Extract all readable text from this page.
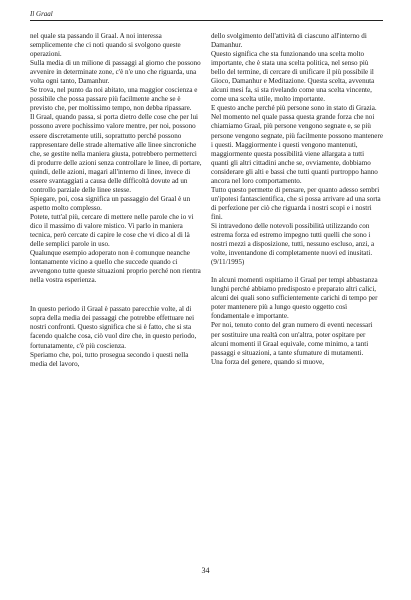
Il Graal

nel quale sta passando il Graal. A noi interessa semplicemente che ci noti quando si svolgono queste operazioni.

Sulla media di un milione di passaggi al giorno che possono avvenire in determinate zone, c'è n'e uno che riguarda, una volta ogni tanto, Damanhur.

Se trova, nel punto da noi abitato, una maggior coscienza e possibile che possa passare più facilmente anche se è previsto che, per moltissimo tempo, non debba ripassare.

Il Graal, quando passa, si porta dietro delle cose che per lui possono avere pochissimo valore mentre, per noi, possono essere discretamente utili, soprattutto perché possono rappresentare delle strade alternative alle linee sincroniche che, se gestite nella maniera giusta, potrebbero permetterci di produrre delle azioni senza controllare le linee, di portare, quindi, delle azioni, magari all'interno di linee, invece di essere svantaggiati a causa delle difficoltà dovute ad un controllo parziale delle linee stesse.

Spiegare, poi, cosa significa un passaggio del Graal è un aspetto molto complesso.

Potete, tutt'al più, cercare di mettere nelle parole che io vi dico il massimo di valore mistico. Vi parlo in maniera tecnica, però cercate di capire le cose che vi dico al di là delle semplici parole in uso.

Qualunque esempio adoperato non è comunque neanche lontanamente vicino a quello che succede quando ci avvengono tutte queste situazioni proprio perché non rientra nella vostra esperienza.

In questo periodo il Graal è passato parecchie volte, al di sopra della media dei passaggi che potrebbe effettuare nei nostri confronti. Questo significa che si è fatto, che si sta facendo qualche cosa, ciò vuol dire che, in questo periodo, fortunatamente, c'è più coscienza.

Speriamo che, poi, tutto prosegua secondo i questi nella media del lavoro,

dello svolgimento dell'attività di ciascuno all'interno di Damanhur.

Questo significa che sta funzionando una scelta molto importante, che è stata una scelta politica, nel senso più bello del termine, di cercare di unificare il più possibile il Gioco, Damanhur e Meditazione. Questa scelta, avvenuta alcuni mesi fa, si sta rivelando come una scelta vincente, come una scelta utile, molto importante.

E questo anche perché più persone sono in stato di Grazia. Nel momento nel quale passa questa grande forza che noi chiamiamo Graal, più persone vengono segnate e, se più persone vengono segnate, più facilmente possono mantenere i questi. Maggiormente i questi vengono mantenuti, maggiormente questa possibilità viene allargata a tutti quanti gli altri cittadini anche se, ovviamente, dobbiamo considerare gli alti e bassi che tutti quanti purtroppo hanno ancora nel loro comportamento.

Tutto questo permette di pensare, per quanto adesso sembri un'ipotesi fantascientifica, che si possa arrivare ad una sorta di perfezione per ciò che riguarda i nostri scopi e i nostri fini.

Si intravedono delle notevoli possibilità utilizzando con estrema forza ed estremo impegno tutti quelli che sono i nostri mezzi a disposizione, tutti, nessuno escluso, anzi, a volte, inventandone di completamente nuovi ed inusitati. (9/11/1995)

In alcuni momenti ospitiamo il Graal per tempi abbastanza lunghi perché abbiamo predisposto e preparato altri calici, alcuni dei quali sono sufficientemente carichi di tempo per poter mantenere più a lungo questo oggetto così fondamentale e importante.

Per noi, tenuto conto del gran numero di eventi necessari per sostituire una realtà con un'altra, poter ospitare per alcuni momenti il Graal equivale, come minimo, a tanti passaggi e situazioni, a tante sfumature di mutamenti.

Una forza del genere, quando si muove,

34
